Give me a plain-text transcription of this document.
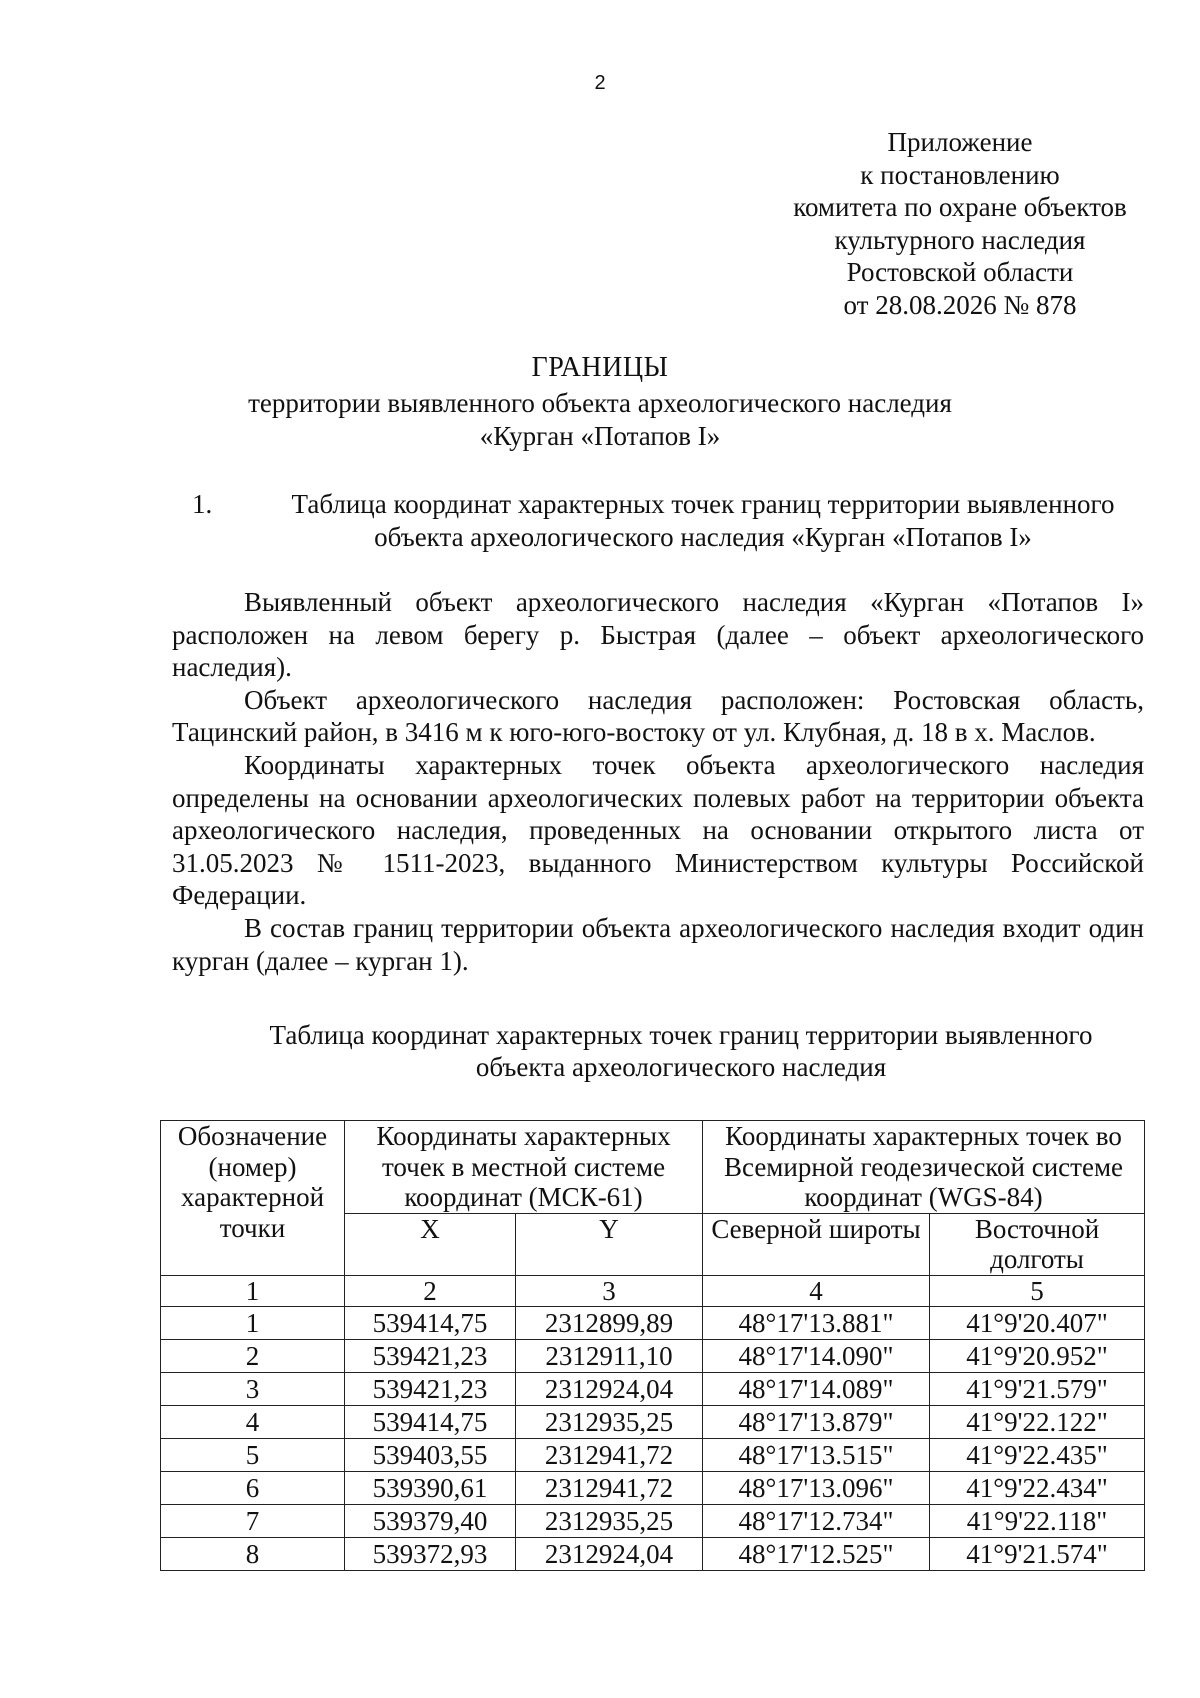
2
Приложение
к постановлению
комитета по охране объектов
культурного наследия
Ростовской области
от 28.08.2026 № 878
ГРАНИЦЫ
территории выявленного объекта археологического наследия
«Курган «Потапов I»
1.	Таблица координат характерных точек границ территории выявленного объекта археологического наследия «Курган «Потапов I»

Выявленный объект археологического наследия «Курган «Потапов I» расположен на левом берегу р. Быстрая (далее – объект археологического наследия).

Объект археологического наследия расположен: Ростовская область, Тацинский район, в 3416 м к юго-юго-востоку от ул. Клубная, д. 18 в х. Маслов.

Координаты характерных точек объекта археологического наследия определены на основании археологических полевых работ на территории объекта археологического наследия, проведенных на основании открытого листа от 31.05.2023 № 1511-2023, выданного Министерством культуры Российской Федерации.

В состав границ территории объекта археологического наследия входит один курган (далее – курган 1).

Таблица координат характерных точек границ территории выявленного
объекта археологического наследия
Обозначение (номер) характерной точки	Координаты характерных точек в местной системе координат (МСК-61)		Координаты характерных точек во Всемирной геодезической системе координат (WGS-84)	
	X	Y	Северной широты	Восточной долготы
1	2	3	4	5
1	539414,75	2312899,89	48°17'13.881"	41°9'20.407"
2	539421,23	2312911,10	48°17'14.090"	41°9'20.952"
3	539421,23	2312924,04	48°17'14.089"	41°9'21.579"
4	539414,75	2312935,25	48°17'13.879"	41°9'22.122"
5	539403,55	2312941,72	48°17'13.515"	41°9'22.435"
6	539390,61	2312941,72	48°17'13.096"	41°9'22.434"
7	539379,40	2312935,25	48°17'12.734"	41°9'22.118"
8	539372,93	2312924,04	48°17'12.525"	41°9'21.574"
